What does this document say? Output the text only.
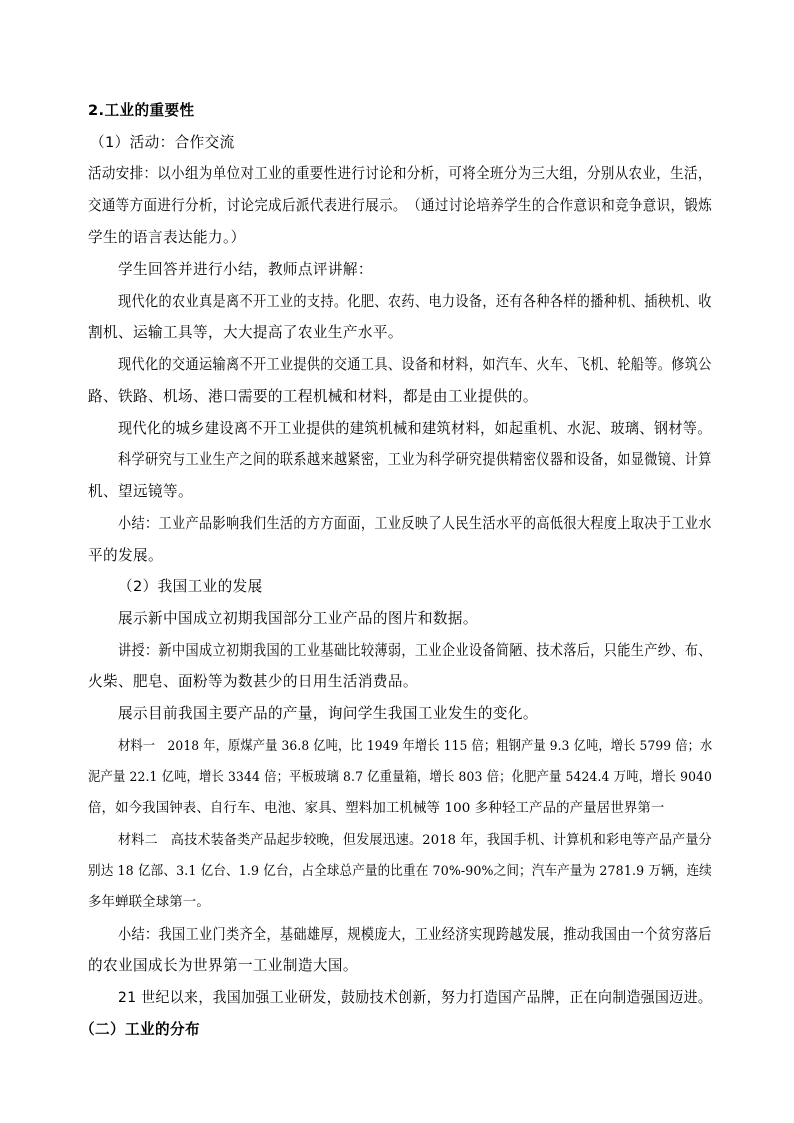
2.工业的重要性
（1）活动：合作交流
活动安排：以小组为单位对工业的重要性进行讨论和分析，可将全班分为三大组，分别从农业，生活，
交通等方面进行分析，讨论完成后派代表进行展示。　（通过讨论培养学生的合作意识和竞争意识，锻炼
学生的语言表达能力。）
学生回答并进行小结，教师点评讲解：
现代化的农业真是离不开工业的支持。化肥、农药、电力设备，还有各种各样的播种机、插秧机、收
割机、运输工具等，大大提高了农业生产水平。
现代化的交通运输离不开工业提供的交通工具、设备和材料，如汽车、火车、飞机、轮船等。修筑公
路、铁路、机场、港口需要的工程机械和材料，都是由工业提供的。
现代化的城乡建设离不开工业提供的建筑机械和建筑材料，如起重机、水泥、玻璃、钢材等。
科学研究与工业生产之间的联系越来越紧密，工业为科学研究提供精密仪器和设备，如显微镜、计算
机、望远镜等。
小结：工业产品影响我们生活的方方面面，工业反映了人民生活水平的高低很大程度上取决于工业水
平的发展。
（2）我国工业的发展
展示新中国成立初期我国部分工业产品的图片和数据。
讲授：新中国成立初期我国的工业基础比较薄弱，工业企业设备简陋、技术落后，只能生产纱、布、
火柴、肥皂、面粉等为数甚少的日用生活消费品。
展示目前我国主要产品的产量，询问学生我国工业发生的变化。
材料一　2018 年，原煤产量 36.8 亿吨，比 1949 年增长 115 倍；粗钢产量 9.3 亿吨，增长 5799 倍；水
泥产量 22.1 亿吨，增长 3344 倍；平板玻璃 8.7 亿重量箱，增长 803 倍；化肥产量 5424.4 万吨，增长 9040
倍，如今我国钟表、自行车、电池、家具、塑料加工机械等 100 多种轻工产品的产量居世界第一
材料二　高技术装备类产品起步较晚，但发展迅速。2018 年，我国手机、计算机和彩电等产品产量分
别达 18 亿部、3.1 亿台、1.9 亿台，占全球总产量的比重在 70%-90%之间；汽车产量为 2781.9 万辆，连续
多年蝉联全球第一。
小结：我国工业门类齐全，基础雄厚，规模庞大，工业经济实现跨越发展，推动我国由一个贫穷落后
的农业国成长为世界第一工业制造大国。
21 世纪以来，我国加强工业研发，鼓励技术创新，努力打造国产品牌，正在向制造强国迈进。
（二）工业的分布
